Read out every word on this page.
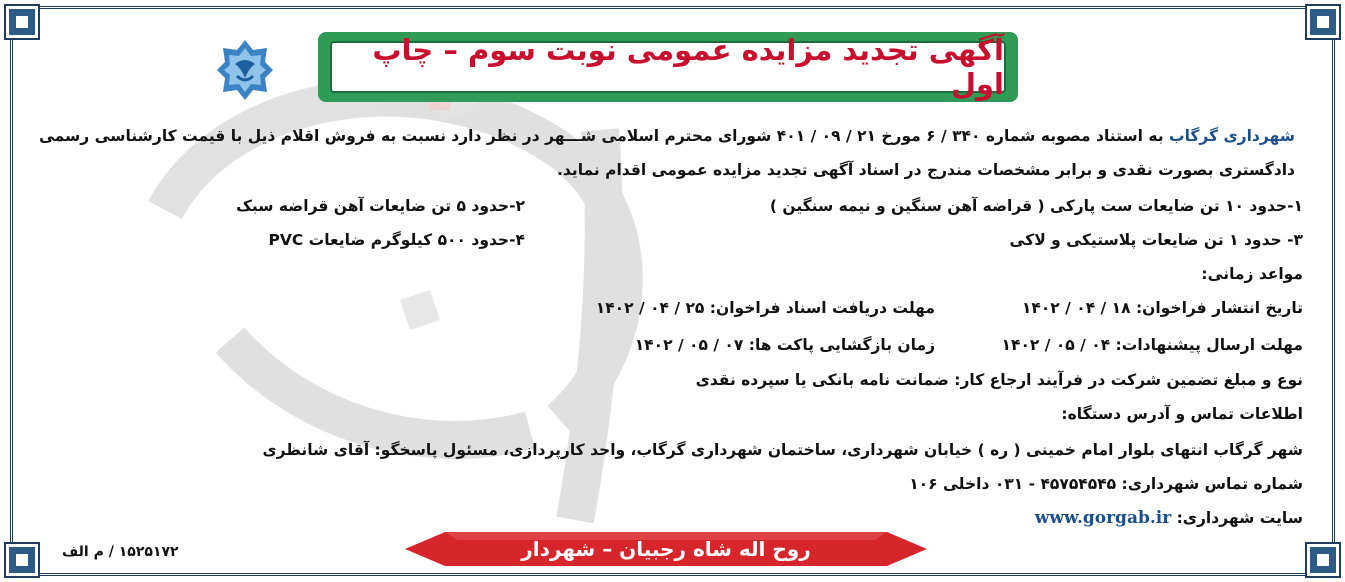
آگهی تجدید مزایده عمومی نوبت سوم – چاپ اول
شهرداری گرگاب به استناد مصوبه شماره ۳۴۰ / ۶ مورخ ۲۱ / ۰۹ / ۴۰۱ شورای محترم اسلامی شـــهر در نظر دارد نسبت به فروش اقلام ذیل با قیمت کارشناسی رسمی
دادگستری بصورت نقدی و برابر مشخصات مندرج در اسناد آگهی تجدید مزایده عمومی اقدام نماید.
۱-حدود ۱۰ تن ضایعات ست پارکی ( قراضه آهن سنگین و نیمه سنگین )
۲-حدود ۵ تن ضایعات آهن قراضه سبک
۳- حدود ۱ تن ضایعات پلاستیکی و لاکی
۴-حدود ۵۰۰ کیلوگرم ضایعات PVC
مواعد زمانی:
تاریخ انتشار فراخوان: ۱۸ / ۰۴ / ۱۴۰۲
مهلت دریافت اسناد فراخوان: ۲۵ / ۰۴ / ۱۴۰۲
مهلت ارسال پیشنهادات: ۰۴ / ۰۵ / ۱۴۰۲
زمان بازگشایی پاکت ها: ۰۷ / ۰۵ / ۱۴۰۲
نوع و مبلغ تضمین شرکت در فرآیند ارجاع کار: ضمانت نامه بانکی یا سپرده نقدی
اطلاعات تماس و آدرس دستگاه:
شهر گرگاب انتهای بلوار امام خمینی ( ره ) خیابان شهرداری، ساختمان شهرداری گرگاب، واحد کارپردازی، مسئول پاسخگو: آقای شانظری
شماره تماس شهرداری: ۴۵۷۵۴۵۴۵ - ۰۳۱ داخلی ۱۰۶
سایت شهرداری: www.gorgab.ir
روح اله شاه رجبیان – شهردار
۱۵۲۵۱۷۲ / م الف
